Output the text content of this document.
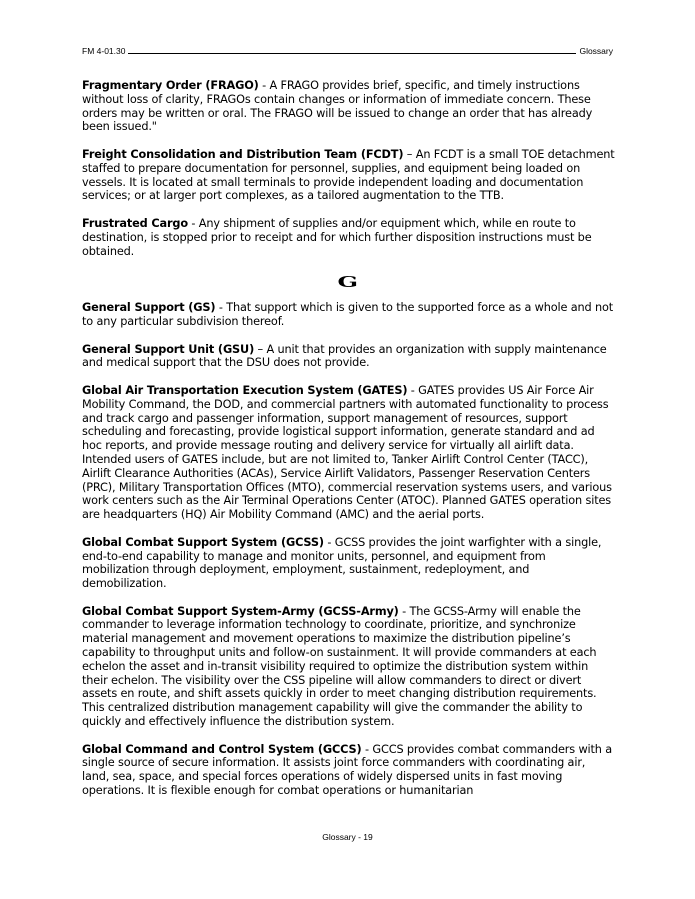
FM 4-01.30	Glossary

Fragmentary Order (FRAGO) - A FRAGO provides brief, specific, and timely instructions without loss of clarity, FRAGOs contain changes or information of immediate concern. These orders may be written or oral. The FRAGO will be issued to change an order that has already been issued."

Freight Consolidation and Distribution Team (FCDT) – An FCDT is a small TOE detachment staffed to prepare documentation for personnel, supplies, and equipment being loaded on vessels. It is located at small terminals to provide independent loading and documentation services; or at larger port complexes, as a tailored augmentation to the TTB.

Frustrated Cargo - Any shipment of supplies and/or equipment which, while en route to destination, is stopped prior to receipt and for which further disposition instructions must be obtained.

G

General Support (GS) - That support which is given to the supported force as a whole and not to any particular subdivision thereof.

General Support Unit (GSU) – A unit that provides an organization with supply maintenance and medical support that the DSU does not provide.

Global Air Transportation Execution System (GATES) - GATES provides US Air Force Air Mobility Command, the DOD, and commercial partners with automated functionality to process and track cargo and passenger information, support management of resources, support scheduling and forecasting, provide logistical support information, generate standard and ad hoc reports, and provide message routing and delivery service for virtually all airlift data. Intended users of GATES include, but are not limited to, Tanker Airlift Control Center (TACC), Airlift Clearance Authorities (ACAs), Service Airlift Validators, Passenger Reservation Centers (PRC), Military Transportation Offices (MTO), commercial reservation systems users, and various work centers such as the Air Terminal Operations Center (ATOC). Planned GATES operation sites are headquarters (HQ) Air Mobility Command (AMC) and the aerial ports.

Global Combat Support System (GCSS) - GCSS provides the joint warfighter with a single, end-to-end capability to manage and monitor units, personnel, and equipment from mobilization through deployment, employment, sustainment, redeployment, and demobilization.

Global Combat Support System-Army (GCSS-Army) - The GCSS-Army will enable the commander to leverage information technology to coordinate, prioritize, and synchronize material management and movement operations to maximize the distribution pipeline’s capability to throughput units and follow-on sustainment. It will provide commanders at each echelon the asset and in-transit visibility required to optimize the distribution system within their echelon. The visibility over the CSS pipeline will allow commanders to direct or divert assets en route, and shift assets quickly in order to meet changing distribution requirements. This centralized distribution management capability will give the commander the ability to quickly and effectively influence the distribution system.

Global Command and Control System (GCCS) - GCCS provides combat commanders with a single source of secure information. It assists joint force commanders with coordinating air, land, sea, space, and special forces operations of widely dispersed units in fast moving operations. It is flexible enough for combat operations or humanitarian

Glossary - 19
